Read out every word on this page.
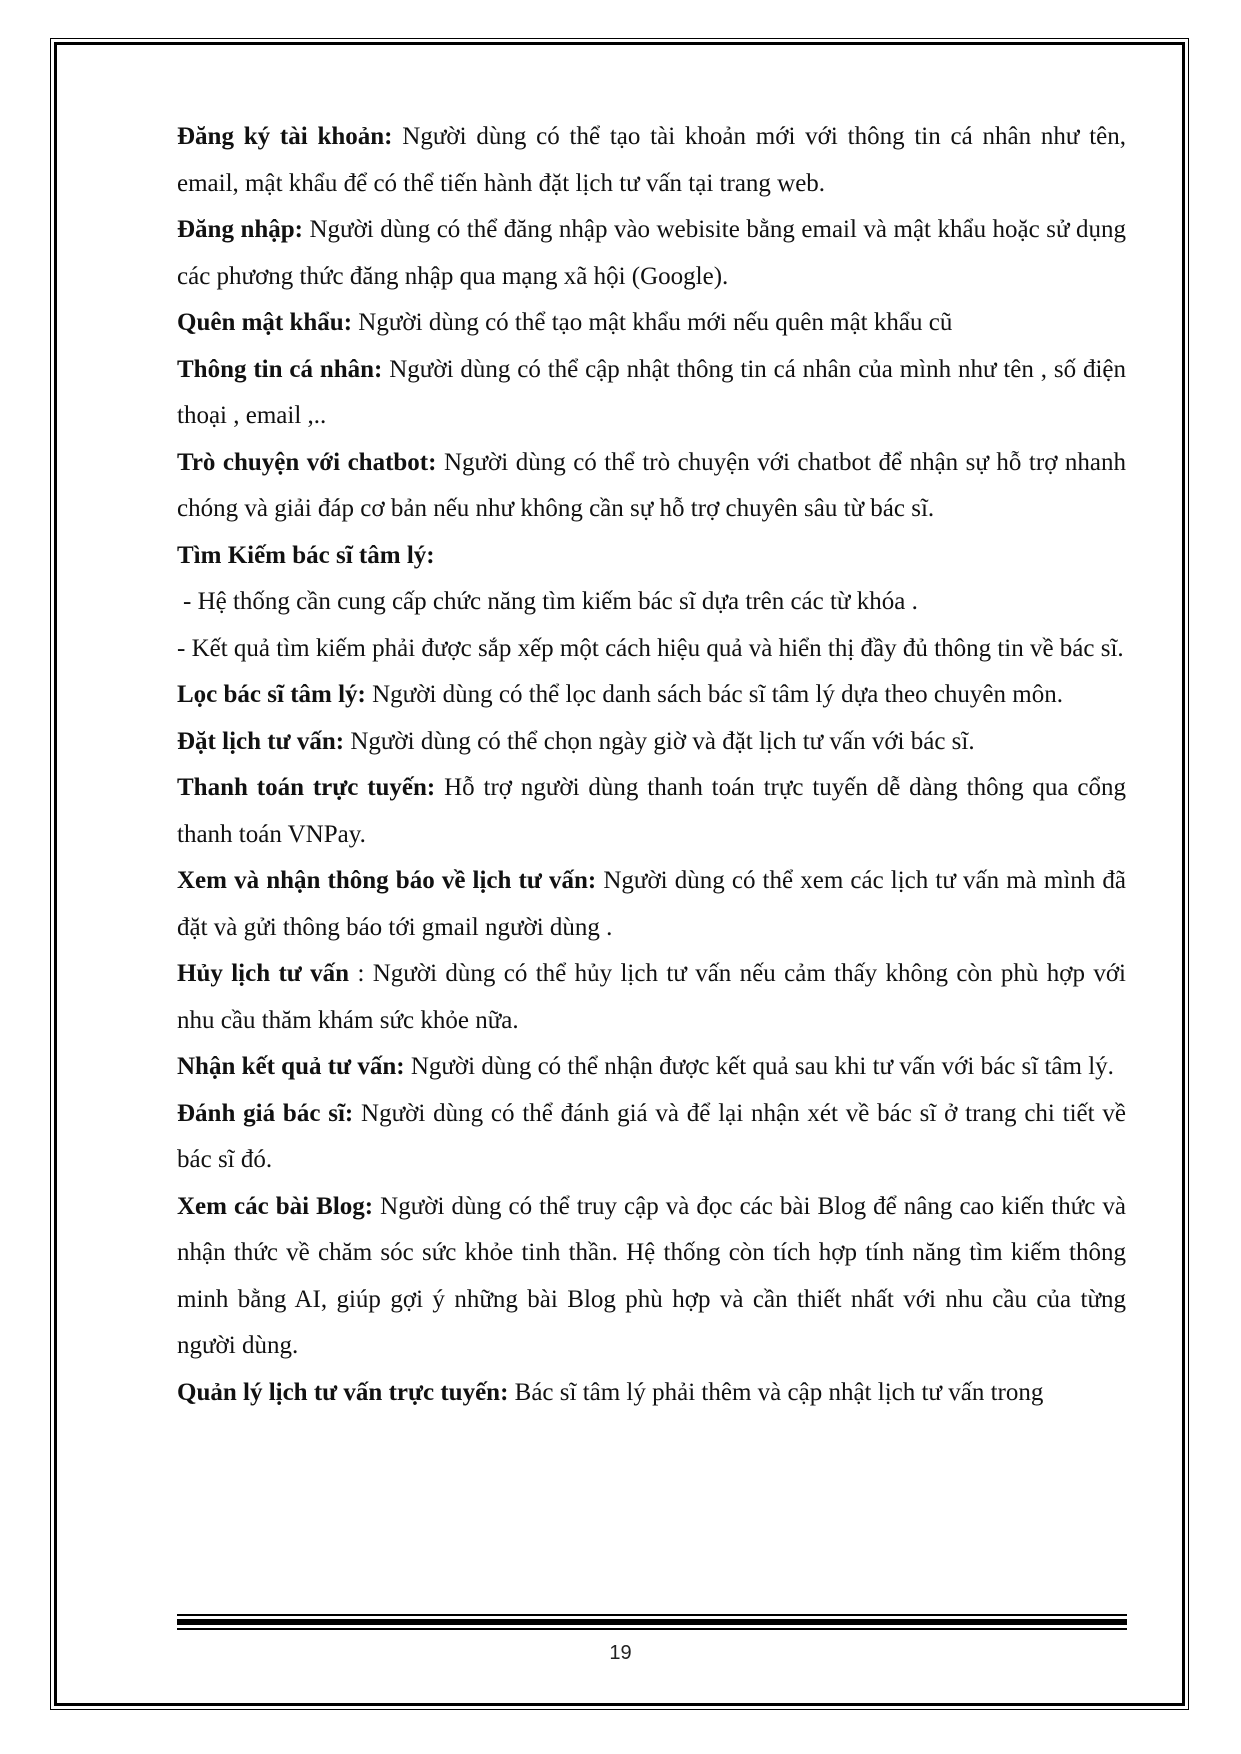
Đăng ký tài khoản: Người dùng có thể tạo tài khoản mới với thông tin cá nhân như tên, email, mật khẩu để có thể tiến hành đặt lịch tư vấn tại trang web.

Đăng nhập: Người dùng có thể đăng nhập vào webisite bằng email và mật khẩu hoặc sử dụng các phương thức đăng nhập qua mạng xã hội (Google).

Quên mật khẩu: Người dùng có thể tạo mật khẩu mới nếu quên mật khẩu cũ

Thông tin cá nhân: Người dùng có thể cập nhật thông tin cá nhân của mình như tên , số điện thoại , email ,..

Trò chuyện với chatbot: Người dùng có thể trò chuyện với chatbot để nhận sự hỗ trợ nhanh chóng và giải đáp cơ bản nếu như không cần sự hỗ trợ chuyên sâu từ bác sĩ.

Tìm Kiếm bác sĩ tâm lý:

- Hệ thống cần cung cấp chức năng tìm kiếm bác sĩ dựa trên các từ khóa .

- Kết quả tìm kiếm phải được sắp xếp một cách hiệu quả và hiển thị đầy đủ thông tin về bác sĩ.

Lọc bác sĩ tâm lý: Người dùng có thể lọc danh sách bác sĩ tâm lý dựa theo chuyên môn.

Đặt lịch tư vấn: Người dùng có thể chọn ngày giờ và đặt lịch tư vấn với bác sĩ.

Thanh toán trực tuyến: Hỗ trợ người dùng thanh toán trực tuyến dễ dàng thông qua cổng thanh toán VNPay.

Xem và nhận thông báo về lịch tư vấn: Người dùng có thể xem các lịch tư vấn mà mình đã đặt và gửi thông báo tới gmail người dùng .

Hủy lịch tư vấn : Người dùng có thể hủy lịch tư vấn nếu cảm thấy không còn phù hợp với nhu cầu thăm khám sức khỏe nữa.

Nhận kết quả tư vấn: Người dùng có thể nhận được kết quả sau khi tư vấn với bác sĩ tâm lý.

Đánh giá bác sĩ: Người dùng có thể đánh giá và để lại nhận xét về bác sĩ ở trang chi tiết về bác sĩ đó.

Xem các bài Blog: Người dùng có thể truy cập và đọc các bài Blog để nâng cao kiến thức và nhận thức về chăm sóc sức khỏe tinh thần. Hệ thống còn tích hợp tính năng tìm kiếm thông minh bằng AI, giúp gợi ý những bài Blog phù hợp và cần thiết nhất với nhu cầu của từng người dùng.

Quản lý lịch tư vấn trực tuyến: Bác sĩ tâm lý phải thêm và cập nhật lịch tư vấn trong

19
